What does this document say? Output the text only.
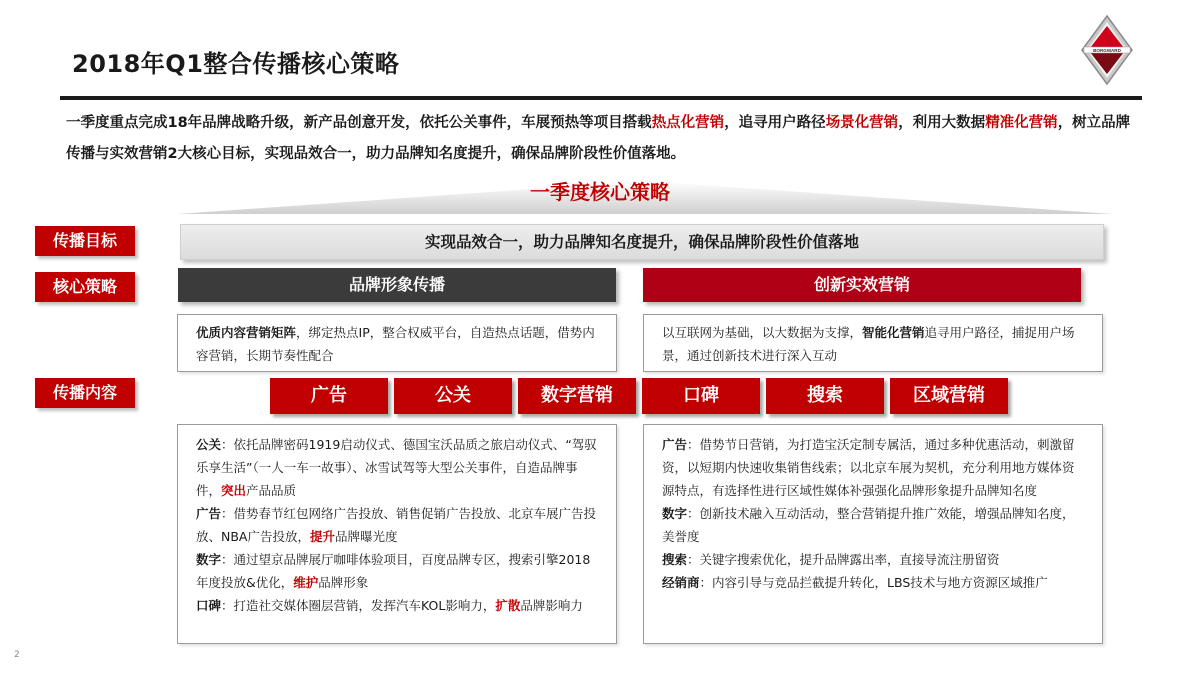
2018年Q1整合传播核心策略	BORGWARD
一季度重点完成18年品牌战略升级，新产品创意开发，依托公关事件，车展预热等项目搭载热点化营销，追寻用户路径场景化营销，利用大数据精准化营销，树立品牌传播与实效营销2大核心目标，实现品效合一，助力品牌知名度提升，确保品牌阶段性价值落地。
一季度核心策略
传播目标
核心策略
传播内容
实现品效合一，助力品牌知名度提升，确保品牌阶段性价值落地
品牌形象传播	创新实效营销
优质内容营销矩阵，绑定热点IP，整合权威平台，自造热点话题，借势内容营销，长期节奏性配合
以互联网为基础，以大数据为支撑，智能化营销追寻用户路径，捕捉用户场景，通过创新技术进行深入互动
广告	公关	数字营销	口碑	搜索	区域营销
公关：依托品牌密码1919启动仪式、德国宝沃品质之旅启动仪式、“驾驭乐享生活”（一人一车一故事）、冰雪试驾等大型公关事件，自造品牌事件，突出产品品质
广告：借势春节红包网络广告投放、销售促销广告投放、北京车展广告投放、NBA广告投放，提升品牌曝光度
数字：通过望京品牌展厅咖啡体验项目，百度品牌专区，搜索引擎2018年度投放&优化，维护品牌形象
口碑：打造社交媒体圈层营销，发挥汽车KOL影响力，扩散品牌影响力
广告：借势节日营销，为打造宝沃定制专属活，通过多种优惠活动，刺激留资，以短期内快速收集销售线索；以北京车展为契机，充分利用地方媒体资源特点，有选择性进行区域性媒体补强强化品牌形象提升品牌知名度
数字：创新技术融入互动活动，整合营销提升推广效能，增强品牌知名度，美誉度
搜索：关键字搜索优化，提升品牌露出率，直接导流注册留资
经销商：内容引导与竞品拦截提升转化，LBS技术与地方资源区域推广
2
